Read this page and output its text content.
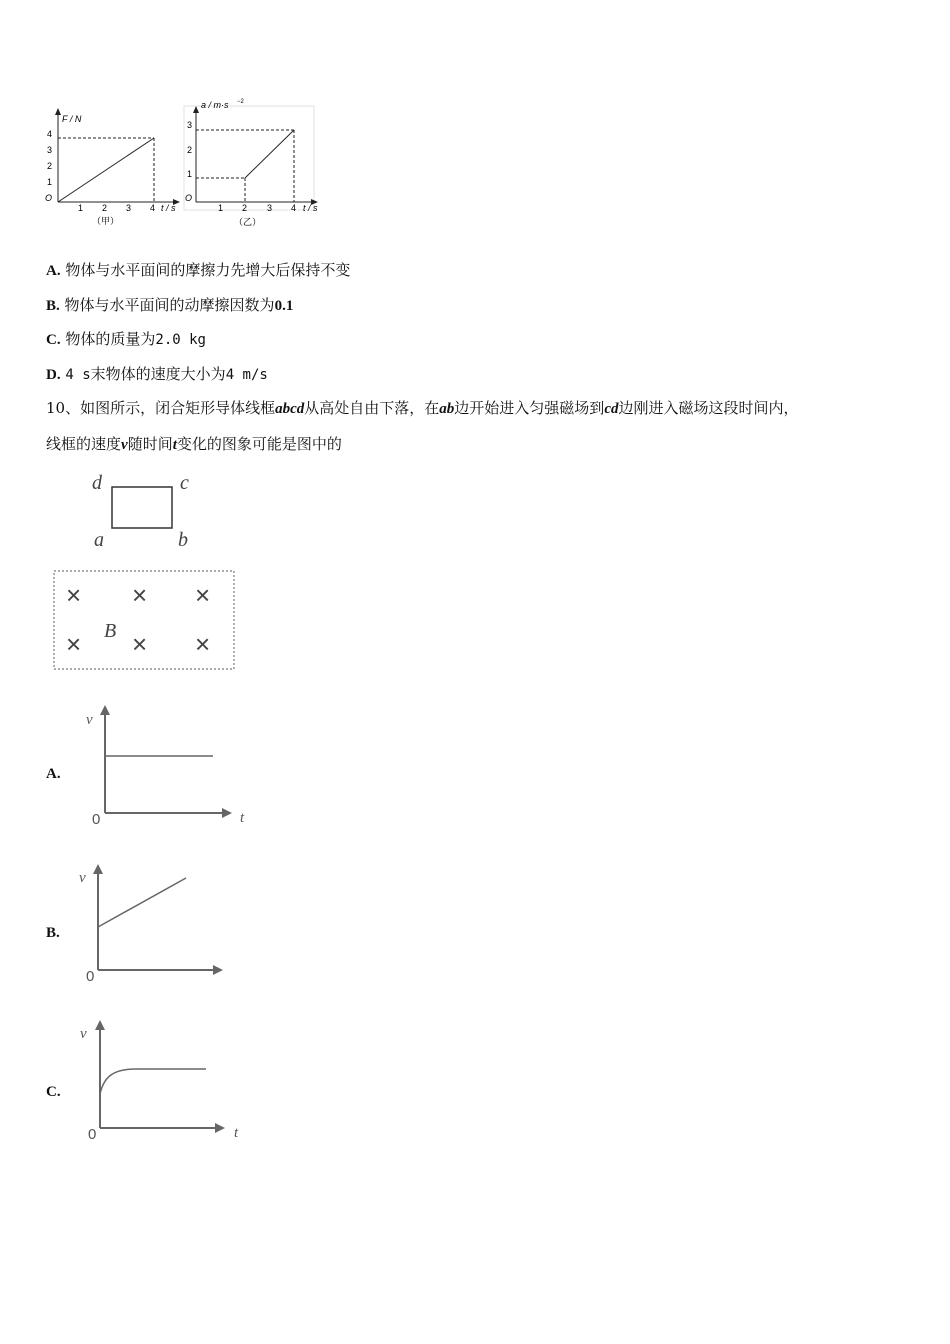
F / N
4
3
2
1
O
1 2 3 4 t / s
（甲）
a / m·s −2
3
2
1
O
1 2 3 4 t / s
（乙）
A. 物体与水平面间的摩擦力先增大后保持不变
B. 物体与水平面间的动摩擦因数为0.1
C. 物体的质量为2.0 kg
D. 4 s末物体的速度大小为4 m/s
10、如图所示，闭合矩形导体线框abcd从高处自由下落，在ab边开始进入匀强磁场到cd边刚进入磁场这段时间内，
线框的速度v随时间t变化的图象可能是图中的
d	c
a	b
× × ×
× × ×
B
A.
v
0	t
B.
v
0
C.
v
0	t
